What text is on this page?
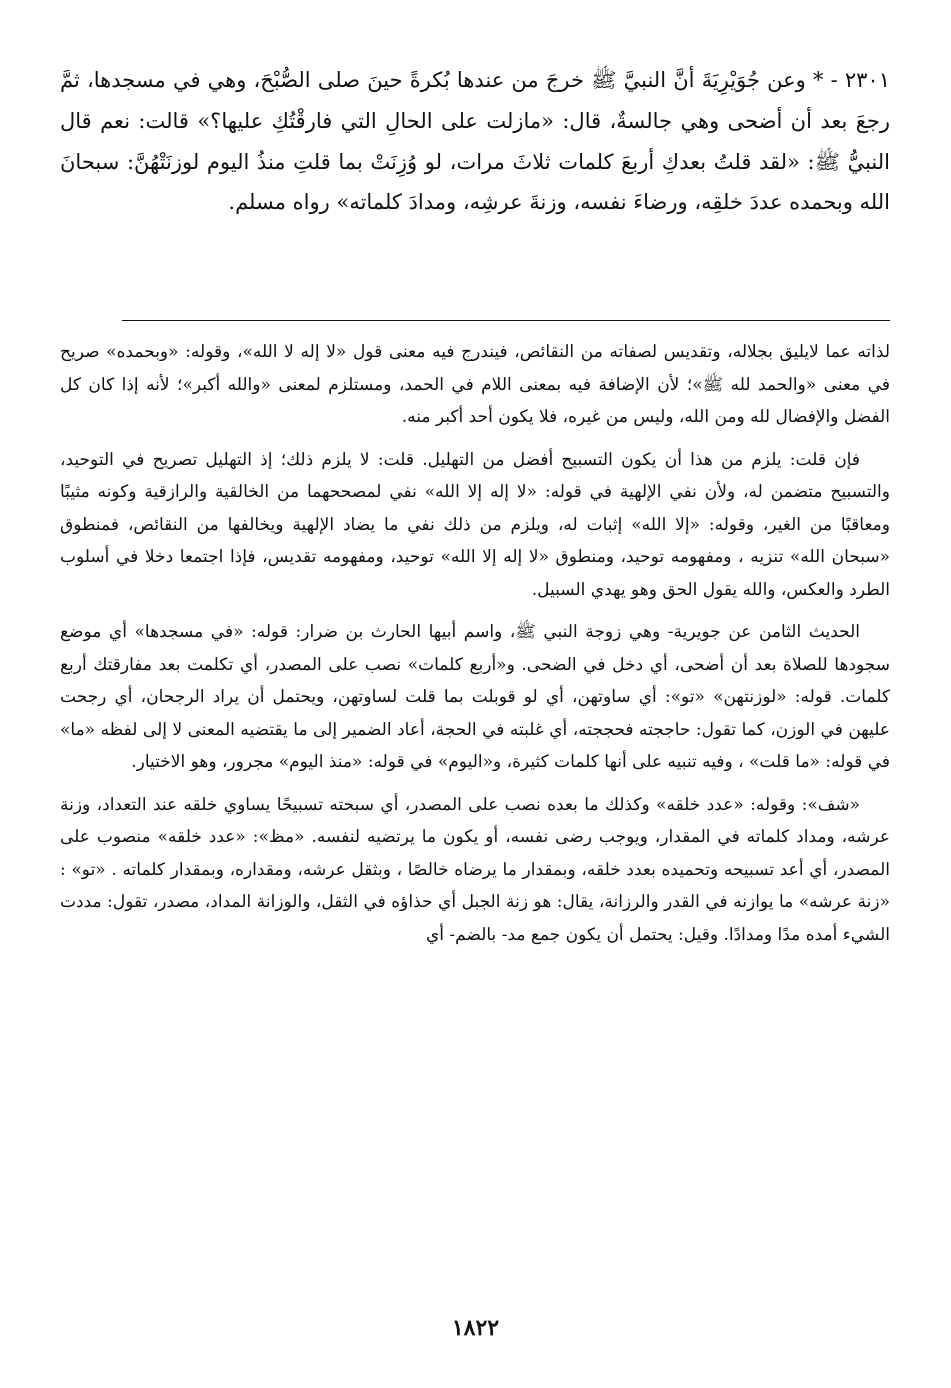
٢٣٠١ - * وعن جُوَيْرِيَةَ أنَّ النبيَّ ﷺ خرجَ من عندها بُكرةً حينَ صلى الصُّبْحَ، وهي في مسجدها، ثمَّ رجعَ بعد أن أضحى وهي جالسةٌ، قال: «مازلت على الحالِ التي فارقْتُكِ عليها؟» قالت: نعم قال النبيُّ ﷺ: «لقد قلتُ بعدكِ أربعَ كلمات ثلاثَ مرات، لو وُزِنَتْ بما قلتِ منذُ اليوم لوزنَتْهُنَّ: سبحانَ الله وبحمده عددَ خلقِه، ورضاءَ نفسه، وزنةَ عرشِه، ومدادَ كلماته» رواه مسلم.

لذاته عما لايليق بجلاله، وتقديس لصفاته من النقائص، فيندرج فيه معنى قول «لا إله لا الله»، وقوله: «وبحمده» صريح في معنى «والحمد لله ﷺ»؛ لأن الإضافة فيه بمعنى اللام في الحمد، ومستلزم لمعنى «والله أكبر»؛ لأنه إذا كان كل الفضل والإفضال لله ومن الله، وليس من غيره، فلا يكون أحد أكبر منه.

فإن قلت: يلزم من هذا أن يكون التسبيح أفضل من التهليل. قلت: لا يلزم ذلك؛ إذ التهليل تصريح في التوحيد، والتسبيح متضمن له، ولأن نفي الإلهية في قوله: «لا إله إلا الله» نفي لمصححهما من الخالقية والرازقية وكونه مثيبًا ومعاقبًا من الغير، وقوله: «إلا الله» إثبات له، ويلزم من ذلك نفي ما يضاد الإلهية ويخالفها من النقائص، فمنطوق «سبحان الله» تنزيه ، ومفهومه توحيد، ومنطوق «لا إله إلا الله» توحيد، ومفهومه تقديس، فإذا اجتمعا دخلا في أسلوب الطرد والعكس، والله يقول الحق وهو يهدي السبيل.

الحديث الثامن عن جويرية- وهي زوجة النبي ﷺ، واسم أبيها الحارث بن ضرار: قوله: «في مسجدها» أي موضع سجودها للصلاة بعد أن أضحى، أي دخل في الضحى. و«أربع كلمات» نصب على المصدر، أي تكلمت بعد مفارقتك أربع كلمات. قوله: «لوزنتهن» «تو»: أي ساوتهن، أي لو قوبلت بما قلت لساوتهن، ويحتمل أن يراد الرجحان، أي رجحت عليهن في الوزن، كما تقول: حاججته فحججته، أي غلبته في الحجة، أعاد الضمير إلى ما يقتضيه المعنى لا إلى لفظه «ما» في قوله: «ما قلت» ، وفيه تنبيه على أنها كلمات كثيرة، و«اليوم» في قوله: «منذ اليوم» مجرور، وهو الاختيار.

«شف»: وقوله: «عدد خلقه» وكذلك ما بعده نصب على المصدر، أي سبحته تسبيحًا يساوي خلقه عند التعداد، وزنة عرشه، ومداد كلماته في المقدار، ويوجب رضى نفسه، أو يكون ما يرتضيه لنفسه. «مظ»: «عدد خلقه» منصوب على المصدر، أي أعد تسبيحه وتحميده بعدد خلقه، وبمقدار ما يرضاه خالصًا ، وبثقل عرشه، ومقداره، وبمقدار كلماته . «تو» : «زنة عرشه» ما يوازنه في القدر والرزانة، يقال: هو زنة الجبل أي حذاؤه في الثقل، والوزانة المداد، مصدر، تقول: مددت الشيء أمده مدًا ومدادًا. وقيل: يحتمل أن يكون جمع مد- بالضم- أي

١٨٢٢
